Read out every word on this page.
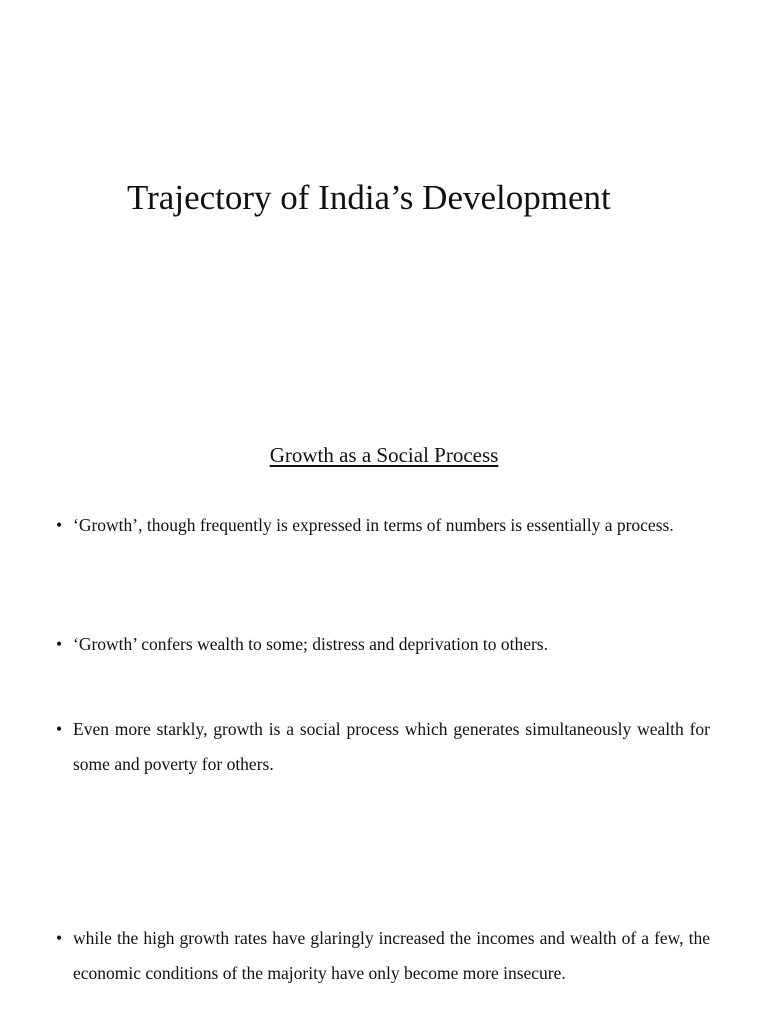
Trajectory of India’s Development
Growth as a Social Process
• ‘Growth’, though frequently is expressed in terms of numbers is essentially a process.
• ‘Growth’ confers wealth to some; distress and deprivation to others.
• Even more starkly, growth is a social process which generates simultaneously wealth for some and poverty for others.
• while the high growth rates have glaringly increased the incomes and wealth of a few, the economic conditions of the majority have only become more insecure.
